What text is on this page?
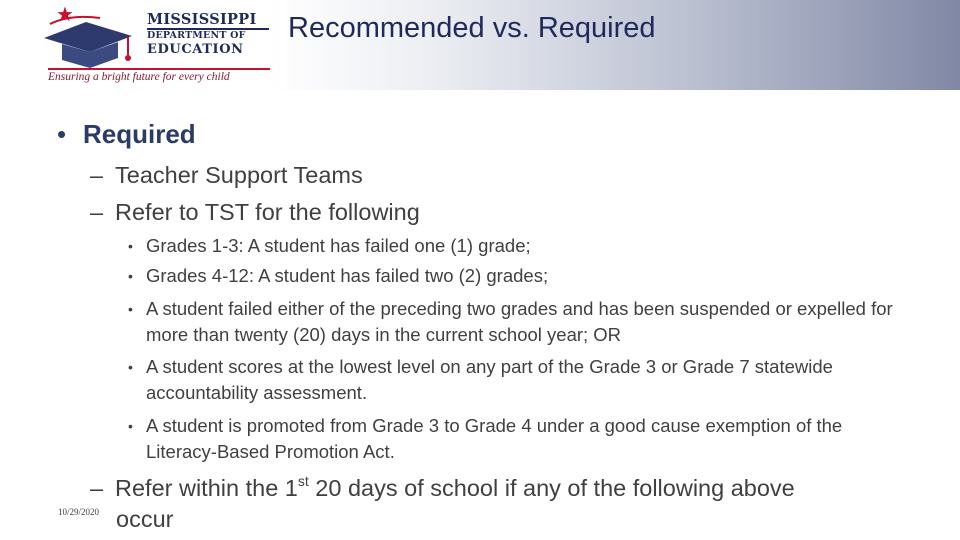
★	MISSISSIPPI
DEPARTMENT OF
EDUCATION
Ensuring a bright future for every child
Recommended vs. Required
• Required
– Teacher Support Teams
– Refer to TST for the following
• Grades 1-3: A student has failed one (1) grade;
• Grades 4-12: A student has failed two (2) grades;
• A student failed either of the preceding two grades and has been suspended or expelled for more than twenty (20) days in the current school year; OR
• A student scores at the lowest level on any part of the Grade 3 or Grade 7 statewide accountability assessment.
• A student is promoted from Grade 3 to Grade 4 under a good cause exemption of the Literacy-Based Promotion Act.
– Refer within the 1st 20 days of school if any of the following above
occur
10/29/2020
